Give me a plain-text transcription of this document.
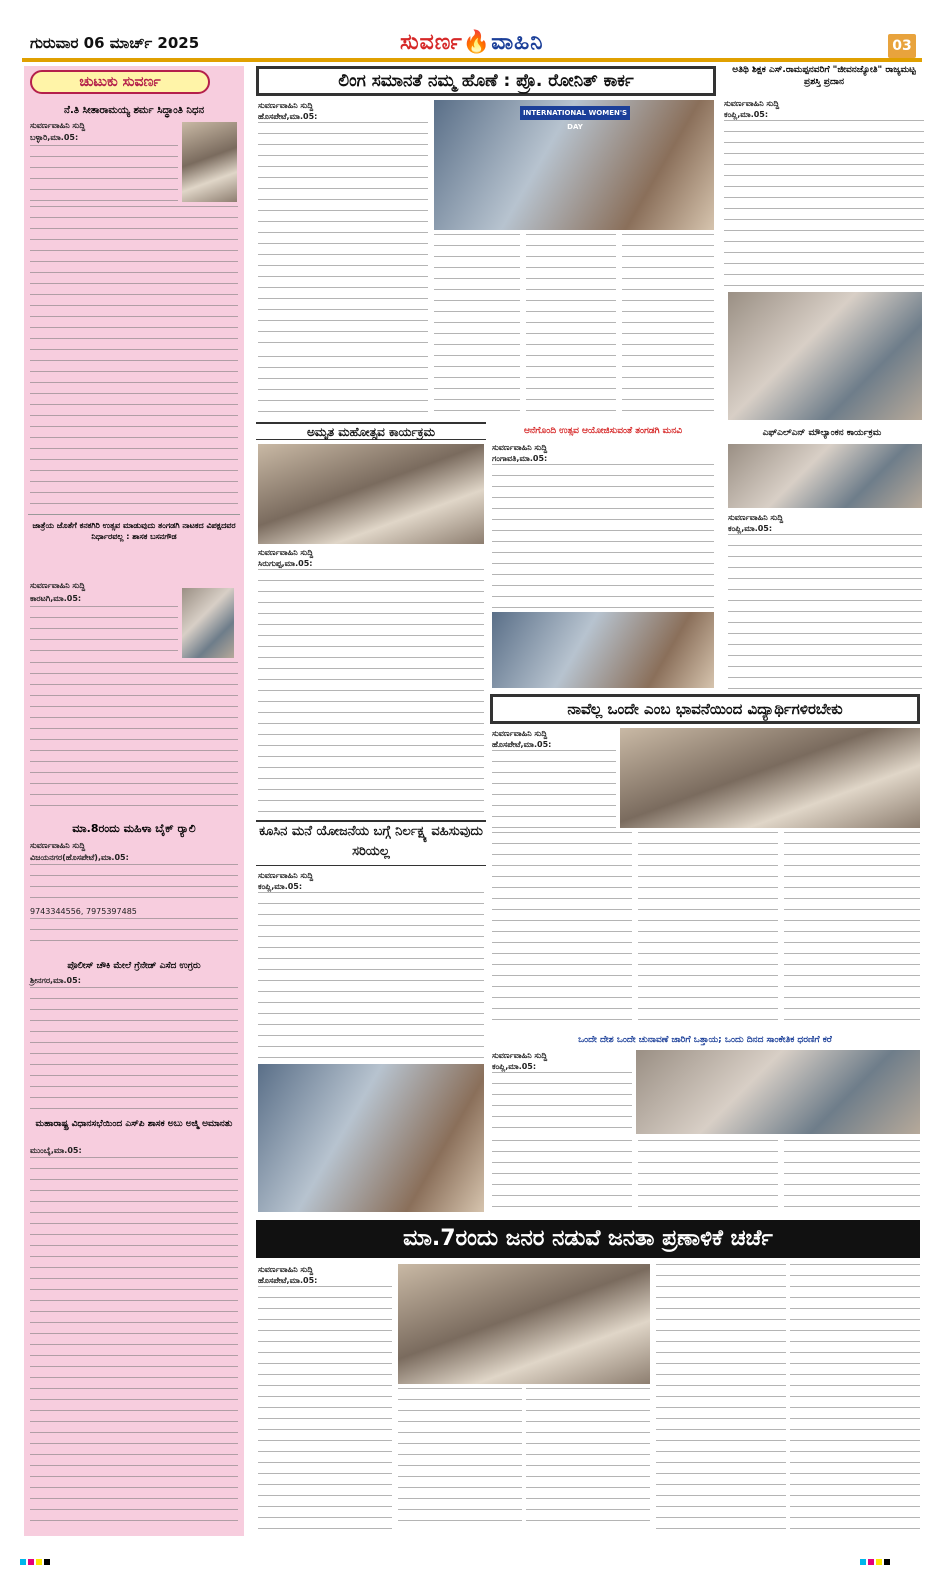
ಗುರುವಾರ 06 ಮಾರ್ಚ್ 2025	ಸುವರ್ಣ🔥ವಾಹಿನಿ	03
ಚುಟುಕು ಸುವರ್ಣ
ನೆ.ತಿ ಸೀತಾರಾಮಯ್ಯ ಶರ್ಮ ಸಿದ್ಧಾಂತಿ ನಿಧನ
ಸುವರ್ಣವಾಹಿನಿ ಸುದ್ದಿ
ಬಳ್ಳಾರಿ,ಮಾ.05:
ಜಾತ್ರೆಯ ಜೊತೆಗೆ ಕನಕಗಿರಿ ಉತ್ಸವ ಮಾಡುವುದು ತಂಗಡಗಿ ನಾಟಕದ ವಿಪಕ್ಷದವರ ನಿರ್ಧಾರವಲ್ಲ : ಶಾಸಕ ಬಸನಗೌಡ
ಸುವರ್ಣವಾಹಿನಿ ಸುದ್ದಿ
ಕಾರಟಗಿ,ಮಾ.05:
ಮಾ.8ರಂದು ಮಹಿಳಾ ಬೈಕ್ ರ್‍ಯಾಲಿ
ಸುವರ್ಣವಾಹಿನಿ ಸುದ್ದಿ
ವಿಜಯನಗರ(ಹೊಸಪೇಟೆ),ಮಾ.05:
9743344556, 7975397485
ಪೊಲೀಸ್ ಚೌಕಿ ಮೇಲೆ ಗ್ರೆನೇಡ್ ಎಸೆದ ಉಗ್ರರು
ಶ್ರೀನಗರ,ಮಾ.05:
ಮಹಾರಾಷ್ಟ್ರ ವಿಧಾನಸಭೆಯಿಂದ ಎಸ್‌ಪಿ ಶಾಸಕ ಅಬು ಅಜ್ಮಿ ಅಮಾನತು
ಮುಂಬೈ,ಮಾ.05:
ಲಿಂಗ ಸಮಾನತೆ ನಮ್ಮ ಹೊಣೆ : ಪ್ರೊ. ರೋನಿತ್ ಕಾರ್ಕ
ಸುವರ್ಣವಾಹಿನಿ ಸುದ್ದಿ
ಹೊಸಪೇಟೆ,ಮಾ.05:	INTERNATIONAL WOMEN'S DAY
ಅತಿಥಿ ಶಿಕ್ಷಕ ಎಸ್.ರಾಮಪ್ಪನವರಿಗೆ "ಜೀವನಜ್ಯೋತಿ" ರಾಜ್ಯಮಟ್ಟ ಪ್ರಶಸ್ತಿ ಪ್ರದಾನ
ಸುವರ್ಣವಾಹಿನಿ ಸುದ್ದಿ
ಕಂಪ್ಲಿ,ಮಾ.05:
ಅಮೃತ ಮಹೋತ್ಸವ ಕಾರ್ಯಕ್ರಮ
ಸುವರ್ಣವಾಹಿನಿ ಸುದ್ದಿ
ಸಿರುಗುಪ್ಪ,ಮಾ.05:
ಆನೆಗೊಂದಿ ಉತ್ಸವ ಆಯೋಜಿಸುವಂತೆ ತಂಗಡಗಿ ಮನವಿ
ಸುವರ್ಣವಾಹಿನಿ ಸುದ್ದಿ
ಗಂಗಾವತಿ,ಮಾ.05:
ಎಫ್‌ಎಲ್‌ಎನ್ ಮೌಲ್ಯಾಂಕನ ಕಾರ್ಯಕ್ರಮ
ಸುವರ್ಣವಾಹಿನಿ ಸುದ್ದಿ
ಕಂಪ್ಲಿ,ಮಾ.05:
ನಾವೆಲ್ಲ ಒಂದೇ ಎಂಬ ಭಾವನೆಯಿಂದ ವಿದ್ಯಾರ್ಥಿಗಳಿರಬೇಕು
ಸುವರ್ಣವಾಹಿನಿ ಸುದ್ದಿ
ಹೊಸಪೇಟೆ,ಮಾ.05:
ಕೂಸಿನ ಮನೆ ಯೋಜನೆಯ ಬಗ್ಗೆ ನಿರ್ಲಕ್ಷ್ಯ ವಹಿಸುವುದು ಸರಿಯಲ್ಲ
ಸುವರ್ಣವಾಹಿನಿ ಸುದ್ದಿ
ಕಂಪ್ಲಿ,ಮಾ.05:
ಒಂದೇ ದೇಶ ಒಂದೇ ಚುನಾವಣೆ ಜಾರಿಗೆ ಒತ್ತಾಯ; ಒಂದು ದಿನದ ಸಾಂಕೇತಿಕ ಧರಣಿಗೆ ಕರೆ
ಸುವರ್ಣವಾಹಿನಿ ಸುದ್ದಿ
ಕಂಪ್ಲಿ,ಮಾ.05:
ಮಾ.7ರಂದು ಜನರ ನಡುವೆ ಜನತಾ ಪ್ರಣಾಳಿಕೆ ಚರ್ಚೆ
ಸುವರ್ಣವಾಹಿನಿ ಸುದ್ದಿ
ಹೊಸಪೇಟೆ,ಮಾ.05:
